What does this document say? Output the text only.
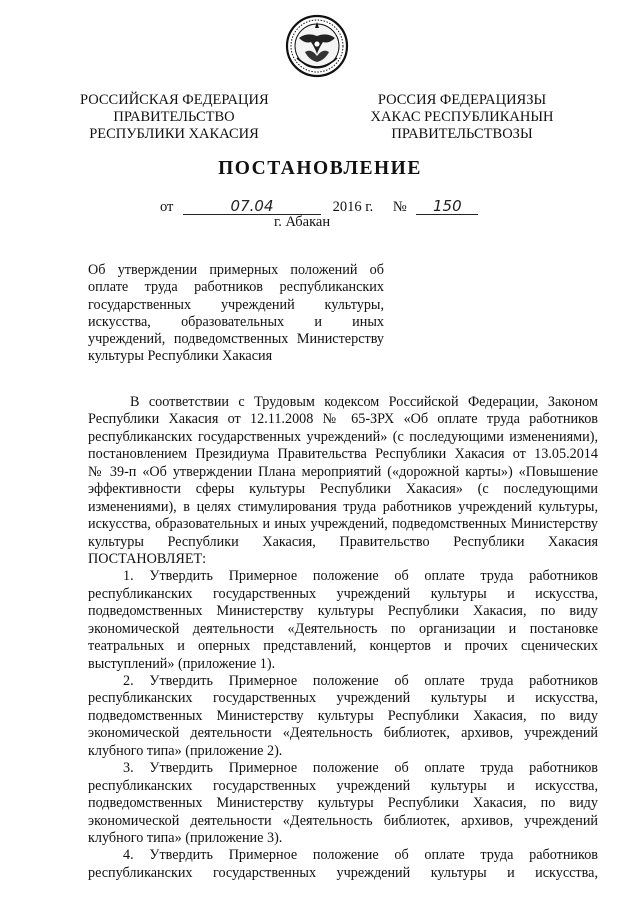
РОССИЙСКАЯ ФЕДЕРАЦИЯ
ПРАВИТЕЛЬСТВО
РЕСПУБЛИКИ ХАКАСИЯ
РОССИЯ ФЕДЕРАЦИЯЗЫ
ХАКАС РЕСПУБЛИКАНЫН
ПРАВИТЕЛЬСТВОЗЫ
ПОСТАНОВЛЕНИЕ
от	07.04	2016 г. № 150
г. Абакан
Об утверждении примерных положений об
оплате труда работников республиканских
государственных учреждений культуры,
искусства, образовательных и иных
учреждений, подведомственных Министерству
культуры Республики Хакасия
В соответствии с Трудовым кодексом Российской Федерации, Законом
Республики Хакасия от 12.11.2008 № 65-ЗРХ «Об оплате труда работников
республиканских государственных учреждений» (с последующими изменениями),
постановлением Президиума Правительства Республики Хакасия от 13.05.2014
№ 39-п «Об утверждении Плана мероприятий («дорожной карты») «Повышение
эффективности сферы культуры Республики Хакасия» (с последующими
изменениями), в целях стимулирования труда работников учреждений культуры,
искусства, образовательных и иных учреждений, подведомственных Министерству
культуры Республики Хакасия, Правительство Республики Хакасия
ПОСТАНОВЛЯЕТ:
1. Утвердить Примерное положение об оплате труда работников
республиканских государственных учреждений культуры и искусства,
подведомственных Министерству культуры Республики Хакасия, по виду
экономической деятельности «Деятельность по организации и постановке
театральных и оперных представлений, концертов и прочих сценических
выступлений» (приложение 1).
2. Утвердить Примерное положение об оплате труда работников
республиканских государственных учреждений культуры и искусства,
подведомственных Министерству культуры Республики Хакасия, по виду
экономической деятельности «Деятельность библиотек, архивов, учреждений
клубного типа» (приложение 2).
3. Утвердить Примерное положение об оплате труда работников
республиканских государственных учреждений культуры и искусства,
подведомственных Министерству культуры Республики Хакасия, по виду
экономической деятельности «Деятельность библиотек, архивов, учреждений
клубного типа» (приложение 3).
4. Утвердить Примерное положение об оплате труда работников
республиканских государственных учреждений культуры и искусства,
